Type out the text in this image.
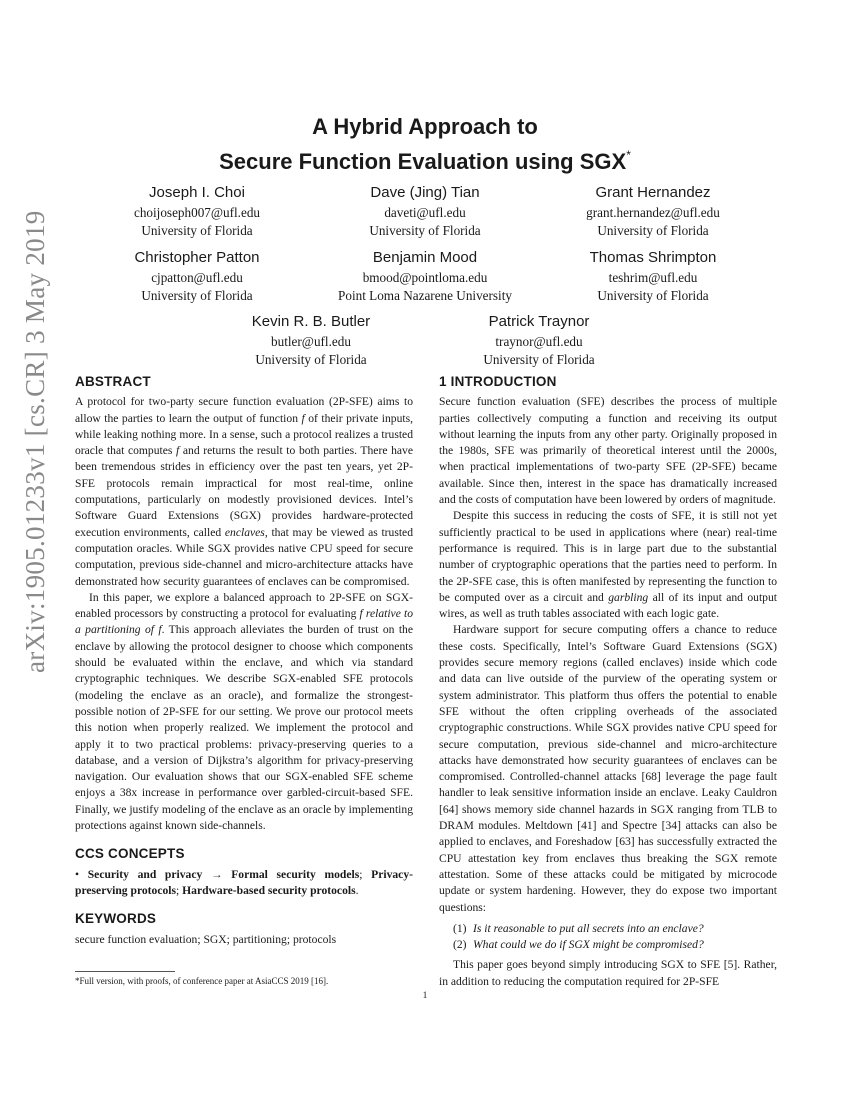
arXiv:1905.01233v1 [cs.CR] 3 May 2019
A Hybrid Approach to
Secure Function Evaluation using SGX*
Joseph I. Choi
choijoseph007@ufl.edu
University of Florida
Dave (Jing) Tian
daveti@ufl.edu
University of Florida
Grant Hernandez
grant.hernandez@ufl.edu
University of Florida
Christopher Patton
cjpatton@ufl.edu
University of Florida
Benjamin Mood
bmood@pointloma.edu
Point Loma Nazarene University
Thomas Shrimpton
teshrim@ufl.edu
University of Florida
Kevin R. B. Butler
butler@ufl.edu
University of Florida
Patrick Traynor
traynor@ufl.edu
University of Florida
ABSTRACT

A protocol for two-party secure function evaluation (2P-SFE) aims to allow the parties to learn the output of function f of their private inputs, while leaking nothing more. In a sense, such a protocol realizes a trusted oracle that computes f and returns the result to both parties. There have been tremendous strides in efficiency over the past ten years, yet 2P-SFE protocols remain impractical for most real-time, online computations, particularly on modestly provisioned devices. Intel’s Software Guard Extensions (SGX) provides hardware-protected execution environments, called enclaves, that may be viewed as trusted computation oracles. While SGX provides native CPU speed for secure computation, previous side-channel and micro-architecture attacks have demonstrated how security guarantees of enclaves can be compromised.

In this paper, we explore a balanced approach to 2P-SFE on SGX-enabled processors by constructing a protocol for evaluating f relative to a partitioning of f. This approach alleviates the burden of trust on the enclave by allowing the protocol designer to choose which components should be evaluated within the enclave, and which via standard cryptographic techniques. We describe SGX-enabled SFE protocols (modeling the enclave as an oracle), and formalize the strongest-possible notion of 2P-SFE for our setting. We prove our protocol meets this notion when properly realized. We implement the protocol and apply it to two practical problems: privacy-preserving queries to a database, and a version of Dijkstra’s algorithm for privacy-preserving navigation. Our evaluation shows that our SGX-enabled SFE scheme enjoys a 38x increase in performance over garbled-circuit-based SFE. Finally, we justify modeling of the enclave as an oracle by implementing protections against known side-channels.

CCS CONCEPTS

• Security and privacy → Formal security models; Privacy-preserving protocols; Hardware-based security protocols.

KEYWORDS

secure function evaluation; SGX; partitioning; protocols

*Full version, with proofs, of conference paper at AsiaCCS 2019 [16].
1
1 INTRODUCTION

Secure function evaluation (SFE) describes the process of multiple parties collectively computing a function and receiving its output without learning the inputs from any other party. Originally proposed in the 1980s, SFE was primarily of theoretical interest until the 2000s, when practical implementations of two-party SFE (2P-SFE) became available. Since then, interest in the space has dramatically increased and the costs of computation have been lowered by orders of magnitude.

Despite this success in reducing the costs of SFE, it is still not yet sufficiently practical to be used in applications where (near) real-time performance is required. This is in large part due to the substantial number of cryptographic operations that the parties need to perform. In the 2P-SFE case, this is often manifested by representing the function to be computed over as a circuit and garbling all of its input and output wires, as well as truth tables associated with each logic gate.

Hardware support for secure computing offers a chance to reduce these costs. Specifically, Intel’s Software Guard Extensions (SGX) provides secure memory regions (called enclaves) inside which code and data can live outside of the purview of the operating system or system administrator. This platform thus offers the potential to enable SFE without the often crippling overheads of the associated cryptographic constructions. While SGX provides native CPU speed for secure computation, previous side-channel and micro-architecture attacks have demonstrated how security guarantees of enclaves can be compromised. Controlled-channel attacks [68] leverage the page fault handler to leak sensitive information inside an enclave. Leaky Cauldron [64] shows memory side channel hazards in SGX ranging from TLB to DRAM modules. Meltdown [41] and Spectre [34] attacks can also be applied to enclaves, and Foreshadow [63] has successfully extracted the CPU attestation key from enclaves thus breaking the SGX remote attestation. Some of these attacks could be mitigated by microcode update or system hardening. However, they do expose two important questions:

(1) Is it reasonable to put all secrets into an enclave?
(2) What could we do if SGX might be compromised?

This paper goes beyond simply introducing SGX to SFE [5]. Rather, in addition to reducing the computation required for 2P-SFE
